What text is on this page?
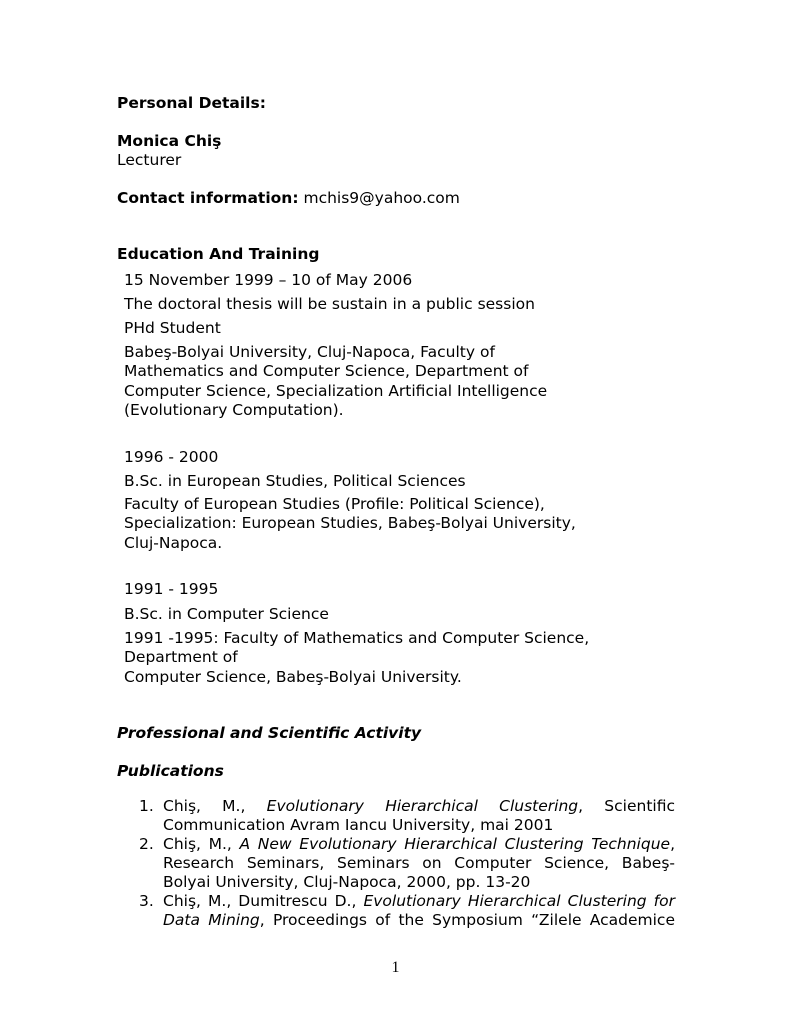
Personal Details:
Monica Chiş
Lecturer
Contact information: mchis9@yahoo.com
Education And Training
15 November 1999 – 10 of May 2006
The doctoral thesis will be sustain in a public session
PHd Student
Babeş-Bolyai University, Cluj-Napoca, Faculty of
Mathematics and Computer Science, Department of
Computer Science, Specialization Artificial Intelligence
(Evolutionary Computation).
1996 - 2000
B.Sc. in European Studies, Political Sciences
Faculty of European Studies (Profile: Political Science),
Specialization: European Studies, Babeş-Bolyai University,
Cluj-Napoca.
1991 - 1995
B.Sc. in Computer Science
1991 -1995: Faculty of Mathematics and Computer Science,
Department of
Computer Science, Babeş-Bolyai University.
Professional and Scientific Activity
Publications
1. Chiş, M., Evolutionary Hierarchical Clustering, Scientific Communication Avram Iancu University, mai 2001
2. Chiş, M., A New Evolutionary Hierarchical Clustering Technique, Research Seminars, Seminars on Computer Science, Babeş-Bolyai University, Cluj-Napoca, 2000, pp. 13-20
3. Chiş, M., Dumitrescu D., Evolutionary Hierarchical Clustering for Data Mining, Proceedings of the Symposium “Zilele Academice
1
